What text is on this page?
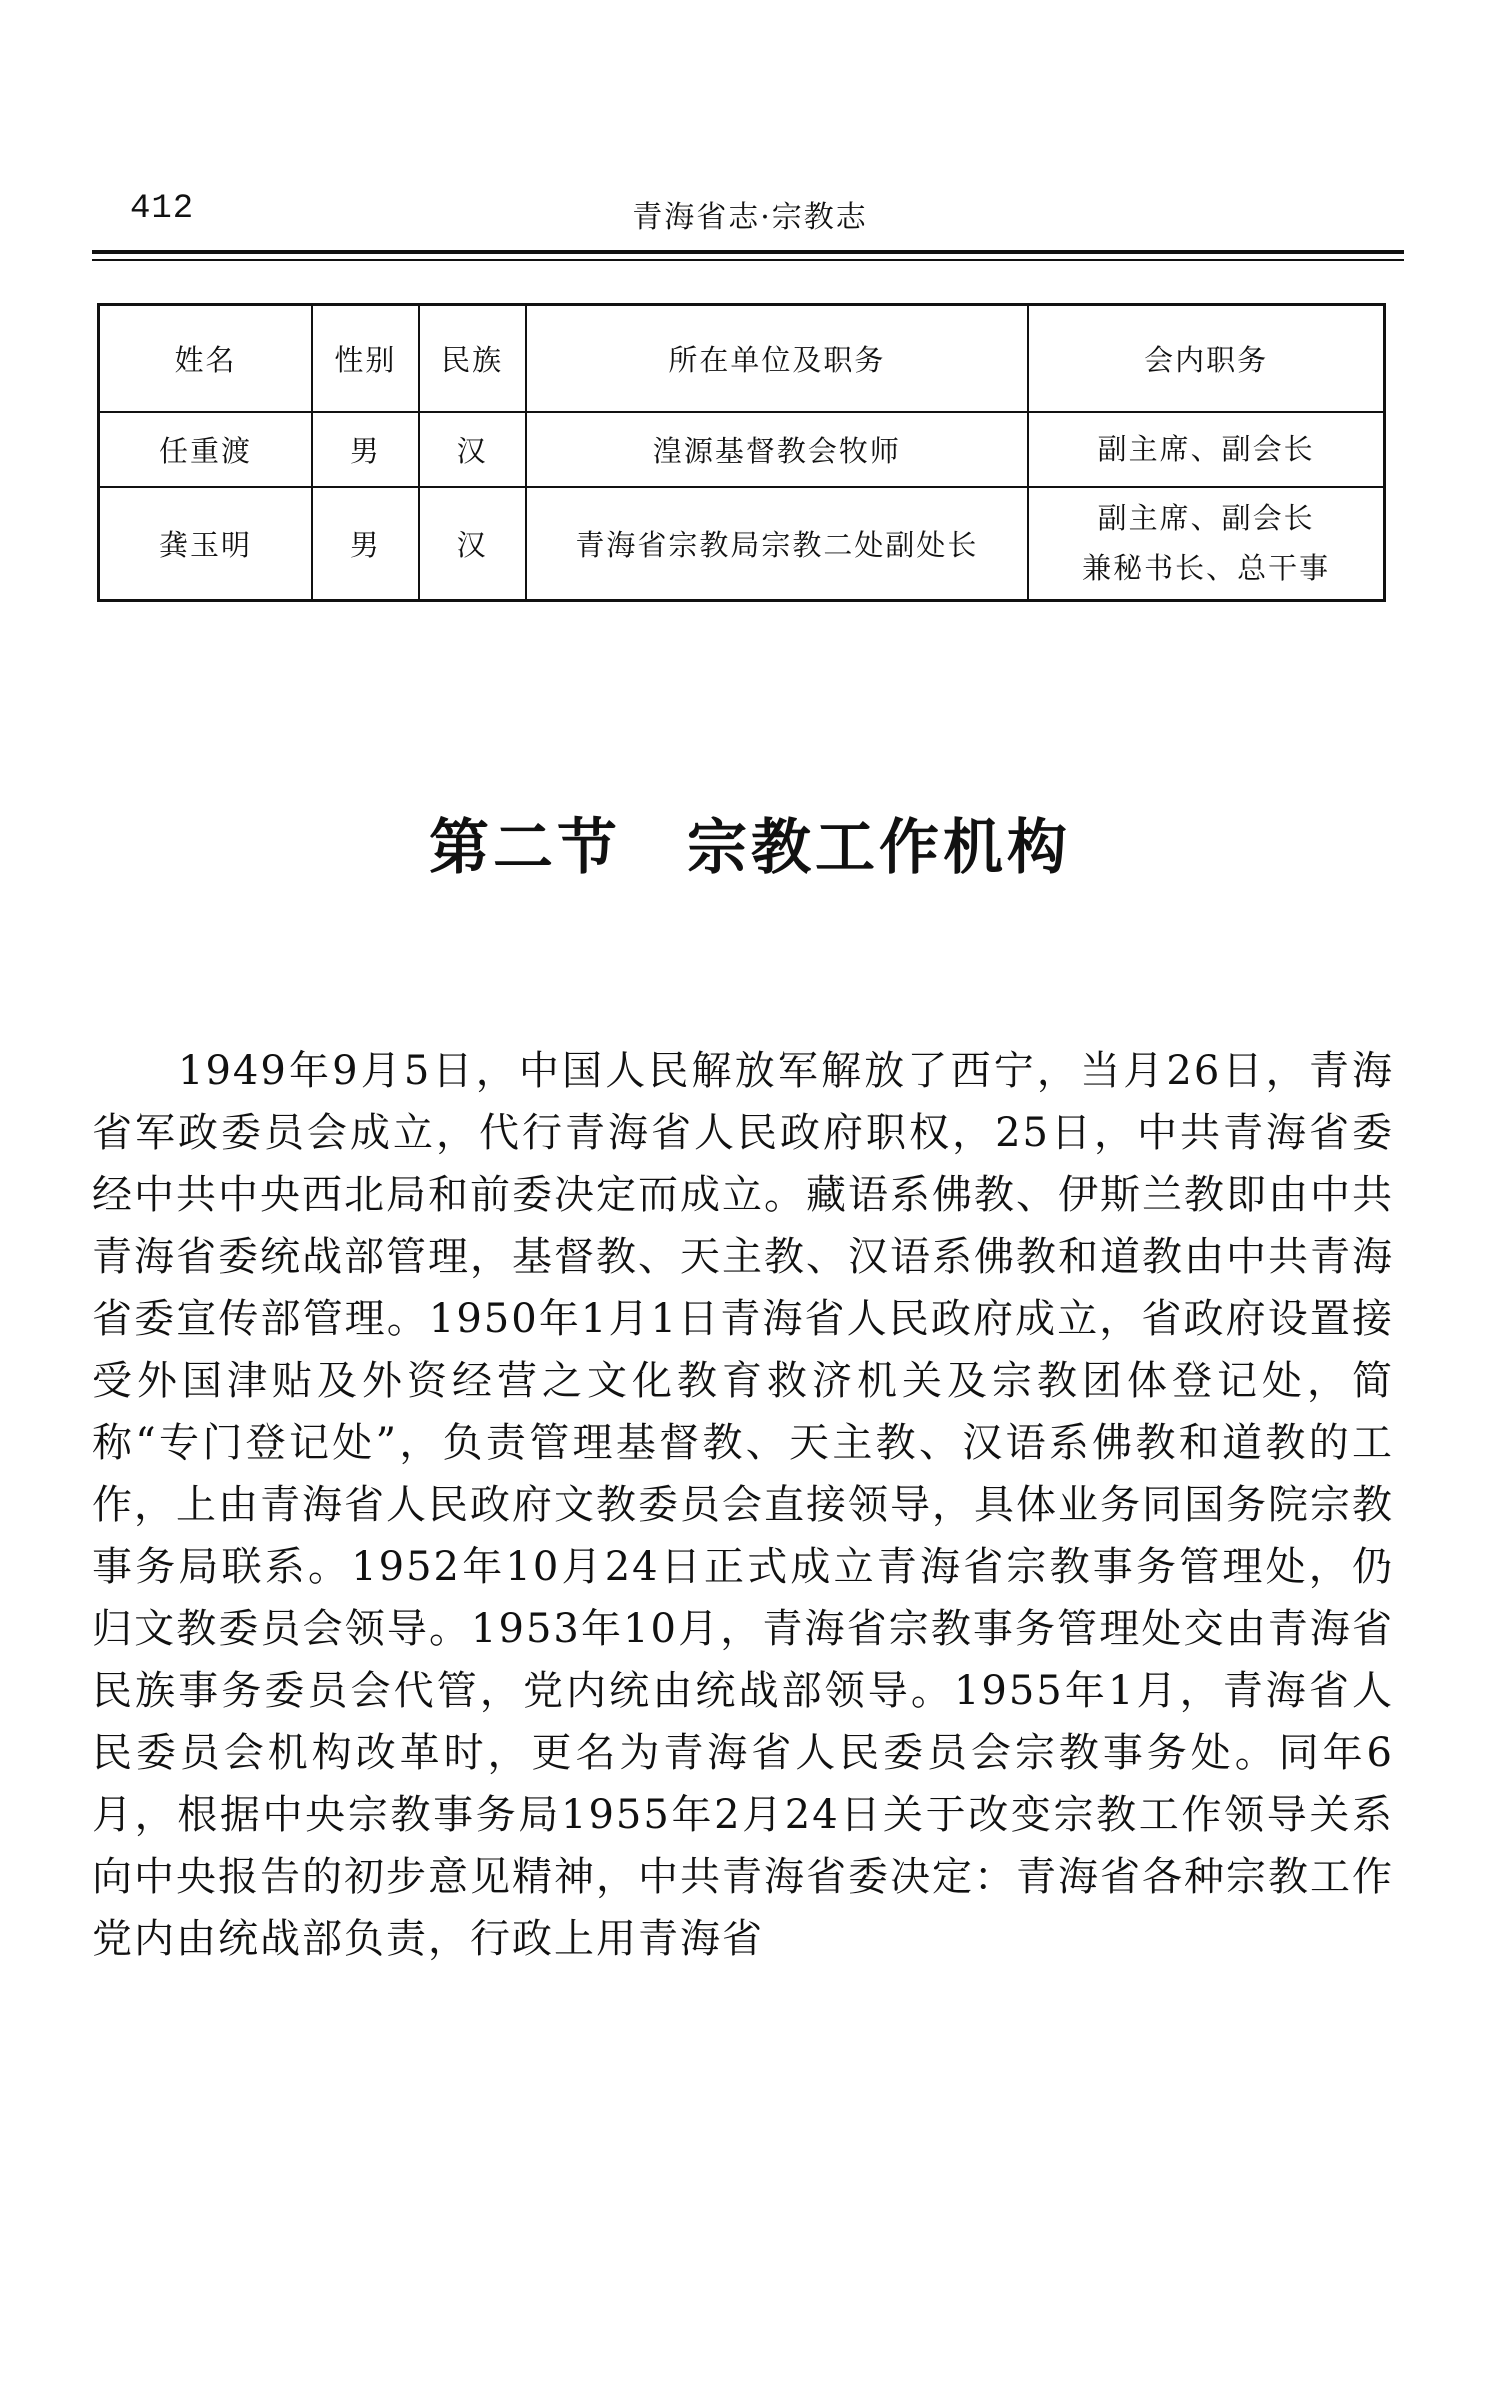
412	青海省志·宗教志
姓名	性别	民族	所在单位及职务	会内职务
任重渡	男	汉	湟源基督教会牧师	副主席、副会长

龚玉明	男	汉	青海省宗教局宗教二处副处长	副主席、副会长
兼秘书长、总干事
第二节 宗教工作机构

1949年9月5日，中国人民解放军解放了西宁，当月26日，青海省军政委员会成立，代行青海省人民政府职权，25日，中共青海省委经中共中央西北局和前委决定而成立。藏语系佛教、伊斯兰教即由中共青海省委统战部管理，基督教、天主教、汉语系佛教和道教由中共青海省委宣传部管理。1950年1月1日青海省人民政府成立，省政府设置接受外国津贴及外资经营之文化教育救济机关及宗教团体登记处，简称“专门登记处”，负责管理基督教、天主教、汉语系佛教和道教的工作，上由青海省人民政府文教委员会直接领导，具体业务同国务院宗教事务局联系。1952年10月24日正式成立青海省宗教事务管理处，仍归文教委员会领导。1953年10月，青海省宗教事务管理处交由青海省民族事务委员会代管，党内统由统战部领导。1955年1月，青海省人民委员会机构改革时，更名为青海省人民委员会宗教事务处。同年6月，根据中央宗教事务局1955年2月24日关于改变宗教工作领导关系向中央报告的初步意见精神，中共青海省委决定：青海省各种宗教工作党内由统战部负责，行政上用青海省
